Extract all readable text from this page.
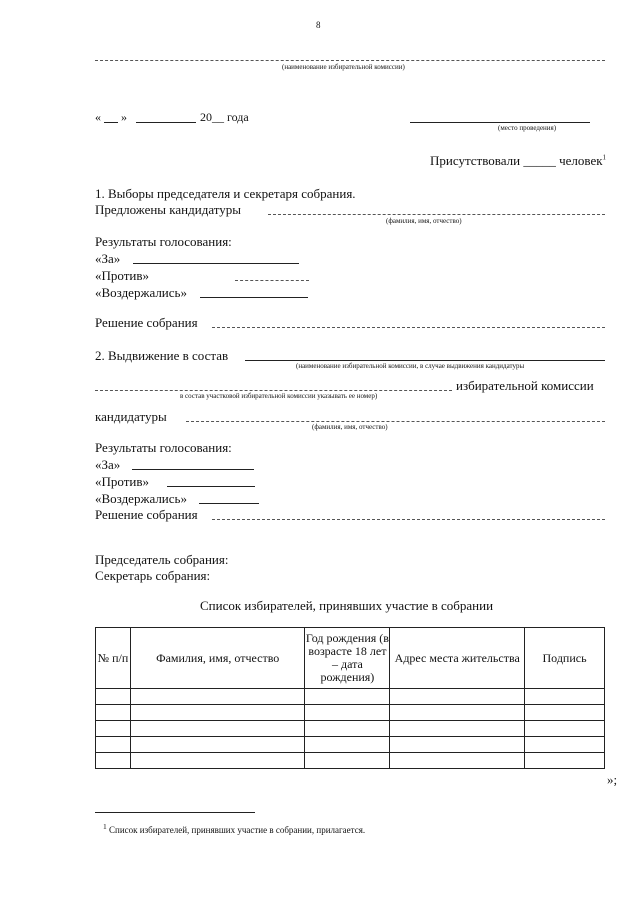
8
(наименование избирательной комиссии)
« »	20__ года
(место проведения)
Присутствовали _____ человек$^1$
1. Выборы председателя и секретаря собрания.
Предложены кандидатуры
(фамилия, имя, отчество)
Результаты голосования:
«За»
«Против»
«Воздержались»
Решение собрания
2. Выдвижение в состав
(наименование избирательной комиссии, в случае выдвижения кандидатуры
избирательной комиссии
в состав участковой избирательной комиссии указывать ее номер)
кандидатуры
(фамилия, имя, отчество)
Результаты голосования:
«За»
«Против»
«Воздержались»
Решение собрания
Председатель собрания:
Секретарь собрания:
Список избирателей, принявших участие в собрании
№ п/п	Фамилия, имя, отчество	Год рождения (в возрасте 18 лет – дата рождения)	Адрес места жительства	Подпись

»;
$^1$ Список избирателей, принявших участие в собрании, прилагается.
